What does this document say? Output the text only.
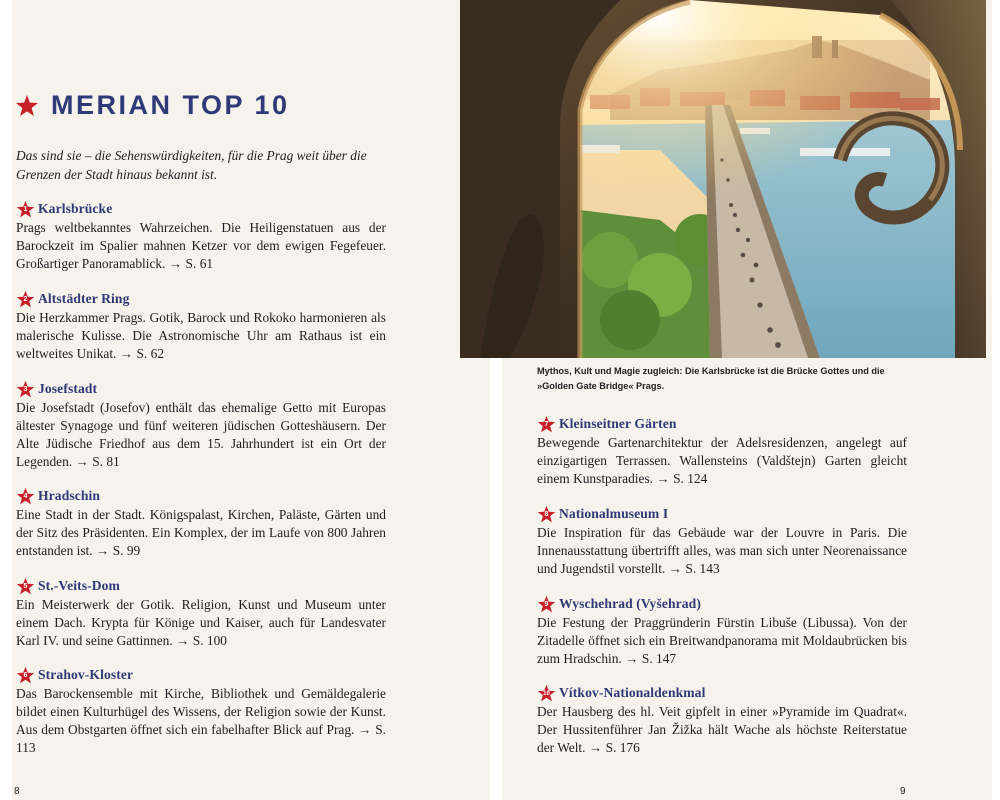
MERIAN TOP 10

Das sind sie – die Sehenswürdigkeiten, für die Prag weit über die Grenzen der Stadt hinaus bekannt ist.

1 Karlsbrücke

Prags weltbekanntes Wahrzeichen. Die Heiligenstatuen aus der Barockzeit im Spalier mahnen Ketzer vor dem ewigen Fegefeuer. Großartiger Panoramablick. → S. 61

2 Altstädter Ring

Die Herzkammer Prags. Gotik, Barock und Rokoko harmonieren als malerische Kulisse. Die Astronomische Uhr am Rathaus ist ein weltweites Unikat. → S. 62

3 Josefstadt

Die Josefstadt (Josefov) enthält das ehemalige Getto mit Europas ältester Synagoge und fünf weiteren jüdischen Gotteshäusern. Der Alte Jüdische Friedhof aus dem 15. Jahrhundert ist ein Ort der Legenden. → S. 81

4 Hradschin

Eine Stadt in der Stadt. Königspalast, Kirchen, Paläste, Gärten und der Sitz des Präsidenten. Ein Komplex, der im Laufe von 800 Jahren entstanden ist. → S. 99

5 St.-Veits-Dom

Ein Meisterwerk der Gotik. Religion, Kunst und Museum unter einem Dach. Krypta für Könige und Kaiser, auch für Landesvater Karl IV. und seine Gattinnen. → S. 100

6 Strahov-Kloster

Das Barockensemble mit Kirche, Bibliothek und Gemäldegalerie bildet einen Kulturhügel des Wissens, der Religion sowie der Kunst. Aus dem Obstgarten öffnet sich ein fabelhafter Blick auf Prag. → S. 113

Mythos, Kult und Magie zugleich: Die Karlsbrücke ist die Brücke Gottes und die »Golden Gate Bridge« Prags.

7 Kleinseitner Gärten

Bewegende Gartenarchitektur der Adelsresidenzen, angelegt auf einzigartigen Terrassen. Wallensteins (Valdštejn) Garten gleicht einem Kunstparadies. → S. 124

8 Nationalmuseum I

Die Inspiration für das Gebäude war der Louvre in Paris. Die Innenausstattung übertrifft alles, was man sich unter Neorenaissance und Jugendstil vorstellt. → S. 143

9 Wyschehrad (Vyšehrad)

Die Festung der Praggründerin Fürstin Libuše (Libussa). Von der Zitadelle öffnet sich ein Breitwandpanorama mit Moldaubrücken bis zum Hradschin. → S. 147

10 Vítkov-Nationaldenkmal

Der Hausberg des hl. Veit gipfelt in einer »Pyramide im Quadrat«. Der Hussitenführer Jan Žižka hält Wache als höchste Reiterstatue der Welt. → S. 176

8	9
